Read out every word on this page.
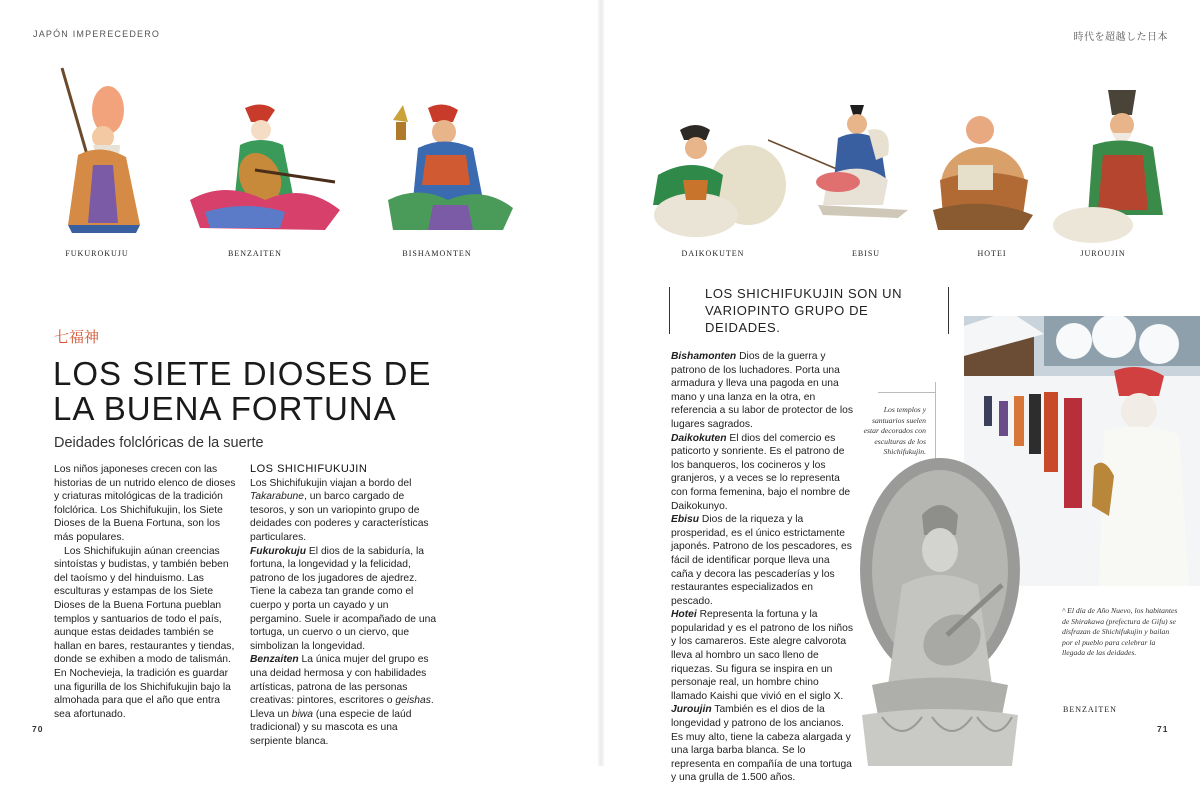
JAPÓN IMPERECEDERO	時代を超越した日本
FUKUROKUJU	BENZAITEN	BISHAMONTEN	DAIKOKUTEN	EBISU	HOTEI	JUROUJIN
七福神
LOS SIETE DIOSES DE
LA BUENA FORTUNA
Deidades folclóricas de la suerte

Los niños japoneses crecen con las historias de un nutrido elenco de dioses y criaturas mitológicas de la tradición folclórica. Los Shichifukujin, los Siete Dioses de la Buena Fortuna, son los más populares.

Los Shichifukujin aúnan creencias sintoístas y budistas, y también beben del taoísmo y del hinduismo. Las esculturas y estampas de los Siete Dioses de la Buena Fortuna pueblan templos y santuarios de todo el país, aunque estas deidades también se hallan en bares, restaurantes y tiendas, donde se exhiben a modo de talismán. En Nochevieja, la tradición es guardar una figurilla de los Shichifukujin bajo la almohada para que el año que entra sea afortunado.

LOS SHICHIFUKUJIN

Los Shichifukujin viajan a bordo del Takarabune, un barco cargado de tesoros, y son un variopinto grupo de deidades con poderes y características particulares.

Fukurokuju El dios de la sabiduría, la fortuna, la longevidad y la felicidad, patrono de los jugadores de ajedrez. Tiene la cabeza tan grande como el cuerpo y porta un cayado y un pergamino. Suele ir acompañado de una tortuga, un cuervo o un ciervo, que simbolizan la longevidad.

Benzaiten La única mujer del grupo es una deidad hermosa y con habilidades artísticas, patrona de las personas creativas: pintores, escritores o geishas. Lleva un biwa (una especie de laúd tradicional) y su mascota es una serpiente blanca.

70
LOS SHICHIFUKUJIN SON UN VARIOPINTO GRUPO DE DEIDADES.

Bishamonten Dios de la guerra y patrono de los luchadores. Porta una armadura y lleva una pagoda en una mano y una lanza en la otra, en referencia a su labor de protector de los lugares sagrados.

Daikokuten El dios del comercio es paticorto y sonriente. Es el patrono de los banqueros, los cocineros y los granjeros, y a veces se lo representa con forma femenina, bajo el nombre de Daikokunyo.

Ebisu Dios de la riqueza y la prosperidad, es el único estrictamente japonés. Patrono de los pescadores, es fácil de identificar porque lleva una caña y decora las pescaderías y los restaurantes especializados en pescado.

Hotei Representa la fortuna y la popularidad y es el patrono de los niños y los camareros. Este alegre calvorota lleva al hombro un saco lleno de riquezas. Su figura se inspira en un personaje real, un hombre chino llamado Kaishi que vivió en el siglo X.

Juroujin También es el dios de la longevidad y patrono de los ancianos. Es muy alto, tiene la cabeza alargada y una larga barba blanca. Se lo representa en compañía de una tortuga y una grulla de 1.500 años.

Los templos y santuarios suelen estar decorados con esculturas de los Shichifukujin.
^ El día de Año Nuevo, los habitantes de Shirakawa (prefectura de Gifu) se disfrazan de Shichifukujin y bailan por el pueblo para celebrar la llegada de las deidades.
BENZAITEN
71
